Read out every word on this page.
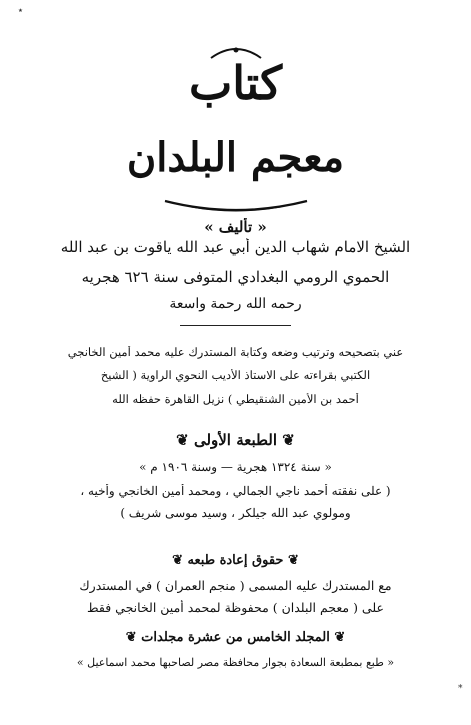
٭
*
كتاب
معجم البلدان
« تأليف »
الشيخ الامام شهاب الدين أبي عبد الله ياقوت بن عبد الله
الحموي الرومي البغدادي المتوفى سنة ٦٢٦ هجريه
رحمه الله رحمة واسعة
عني بتصحيحه وترتيب وضعه وكتابة المستدرك عليه محمد أمين الخانجي
الكتبي بقراءته على الاستاذ الأديب النحوي الراوية ( الشيخ
أحمد بن الأمين الشنقيطي ) نزيل القاهرة حفظه الله
❦ الطبعة الأولى ❦
« سنة ١٣٢٤ هجرية — وسنة ١٩٠٦ م »
( على نفقته أحمد ناجي الجمالي ، ومحمد أمين الخانجي وأخيه ،
ومولوي عبد الله جيلكر ، وسيد موسى شريف )
❦ حقوق إعادة طبعه ❦
مع المستدرك عليه المسمى ( منجم العمران ) في المستدرك
على ( معجم البلدان ) محفوظة لمحمد أمين الخانجي فقط
❦ المجلد الخامس من عشرة مجلدات ❦
« طبع بمطبعة السعادة بجوار محافظة مصر لصاحبها محمد اسماعيل »
